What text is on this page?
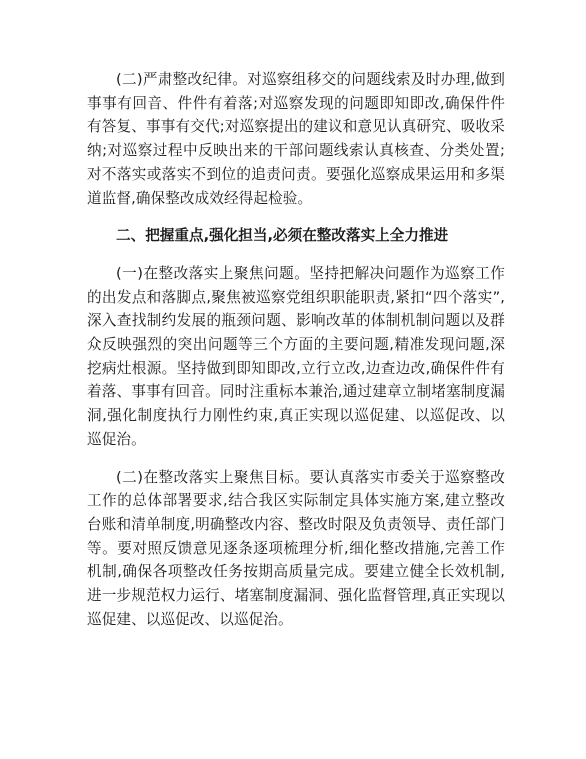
(二)严肃整改纪律。对巡察组移交的问题线索及时办理,做到事事有回音、件件有着落;对巡察发现的问题即知即改,确保件件有答复、事事有交代;对巡察提出的建议和意见认真研究、吸收采纳;对巡察过程中反映出来的干部问题线索认真核查、分类处置;对不落实或落实不到位的追责问责。要强化巡察成果运用和多渠道监督,确保整改成效经得起检验。

二、把握重点,强化担当,必须在整改落实上全力推进

(一)在整改落实上聚焦问题。坚持把解决问题作为巡察工作的出发点和落脚点,聚焦被巡察党组织职能职责,紧扣“四个落实”,深入查找制约发展的瓶颈问题、影响改革的体制机制问题以及群众反映强烈的突出问题等三个方面的主要问题,精准发现问题,深挖病灶根源。坚持做到即知即改,立行立改,边查边改,确保件件有着落、事事有回音。同时注重标本兼治,通过建章立制堵塞制度漏洞,强化制度执行力刚性约束,真正实现以巡促建、以巡促改、以巡促治。

(二)在整改落实上聚焦目标。要认真落实市委关于巡察整改工作的总体部署要求,结合我区实际制定具体实施方案,建立整改台账和清单制度,明确整改内容、整改时限及负责领导、责任部门等。要对照反馈意见逐条逐项梳理分析,细化整改措施,完善工作机制,确保各项整改任务按期高质量完成。要建立健全长效机制,进一步规范权力运行、堵塞制度漏洞、强化监督管理,真正实现以巡促建、以巡促改、以巡促治。
